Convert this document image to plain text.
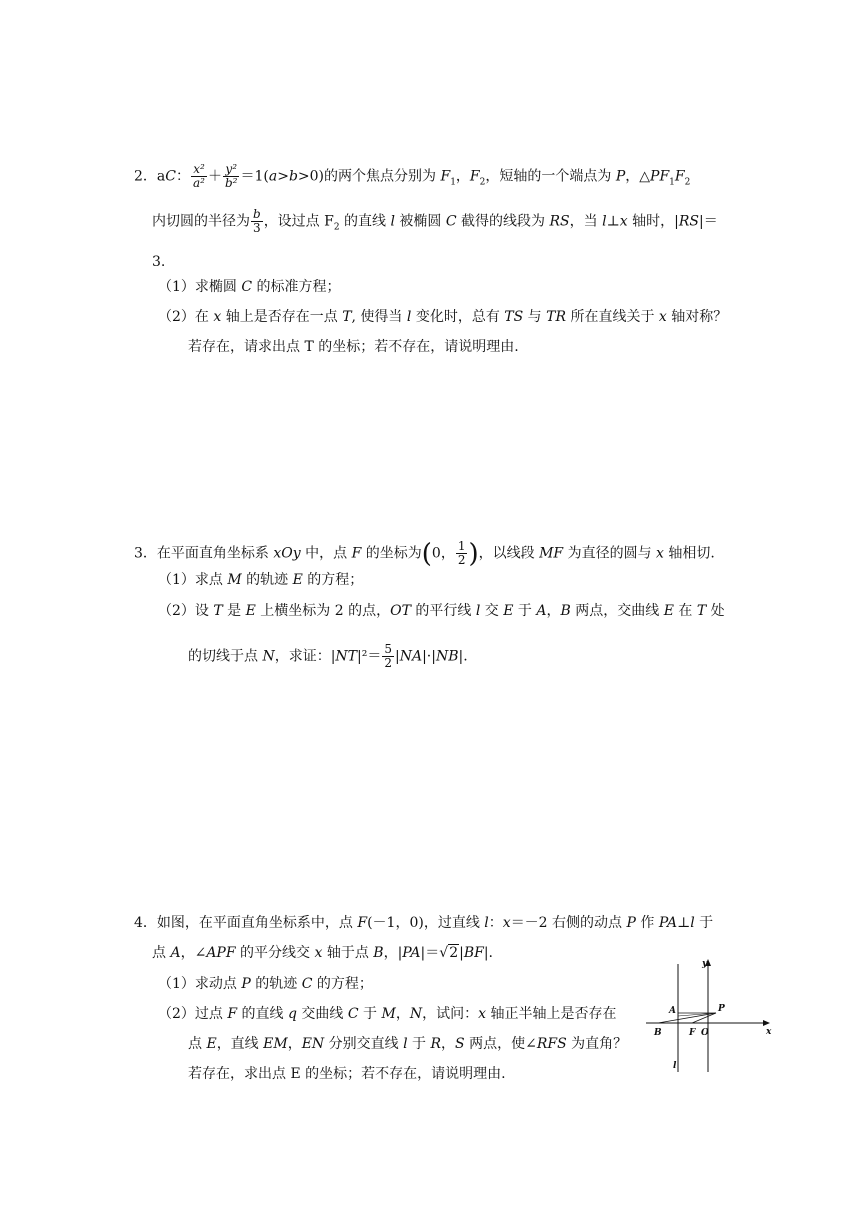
2．aC： $\frac{\text{x²}}{\text{a²}} + \frac{\text{y²}}{\text{b²}} =1(a>b>0)$的两个焦点分别为 $F_1$，$F_2$，短轴的一个端点为 P，$\triangle PF_1F_2$
内切圆的半径为 $\frac{b}{3}$ ，设过点 $F_2$ 的直线 l 被椭圆 C 截得的线段为 RS，当 l⊥x 轴时，|RS|＝
3.
（1）求椭圆 C 的标准方程；
（2）在 x 轴上是否存在一点 T, 使得当 l 变化时，总有 TS 与 TR 所在直线关于 x 轴对称？
若存在，请求出点 T 的坐标；若不存在，请说明理由.
3．在平面直角坐标系 xOy 中，点 F 的坐标为(0， $\frac{1}{2}$ )，以线段 MF 为直径的圆与 x 轴相切.
（1）求点 M 的轨迹 E 的方程；
（2）设 T 是 E 上横坐标为 2 的点，OT 的平行线 l 交 E 于 A，B 两点，交曲线 E 在 T 处
的切线于点 N，求证：$|NT|^2= \frac{5}{2} |NA|\cdot|NB|$.
4．如图，在平面直角坐标系中，点 F(－1，0)，过直线 l：x＝－2 右侧的动点 P 作 PA⊥l 于
点 A，∠APF 的平分线交 x 轴于点 B，|PA|＝√2|BF|.
（1）求动点 P 的轨迹 C 的方程；
（2）过点 F 的直线 q 交曲线 C 于 M，N，试问：x 轴正半轴上是否存在
点 E，直线 EM，EN 分别交直线 l 于 R，S 两点，使∠RFS 为直角？
若存在，求出点 E 的坐标；若不存在，请说明理由.
y
x
A	P
B	F O
l
